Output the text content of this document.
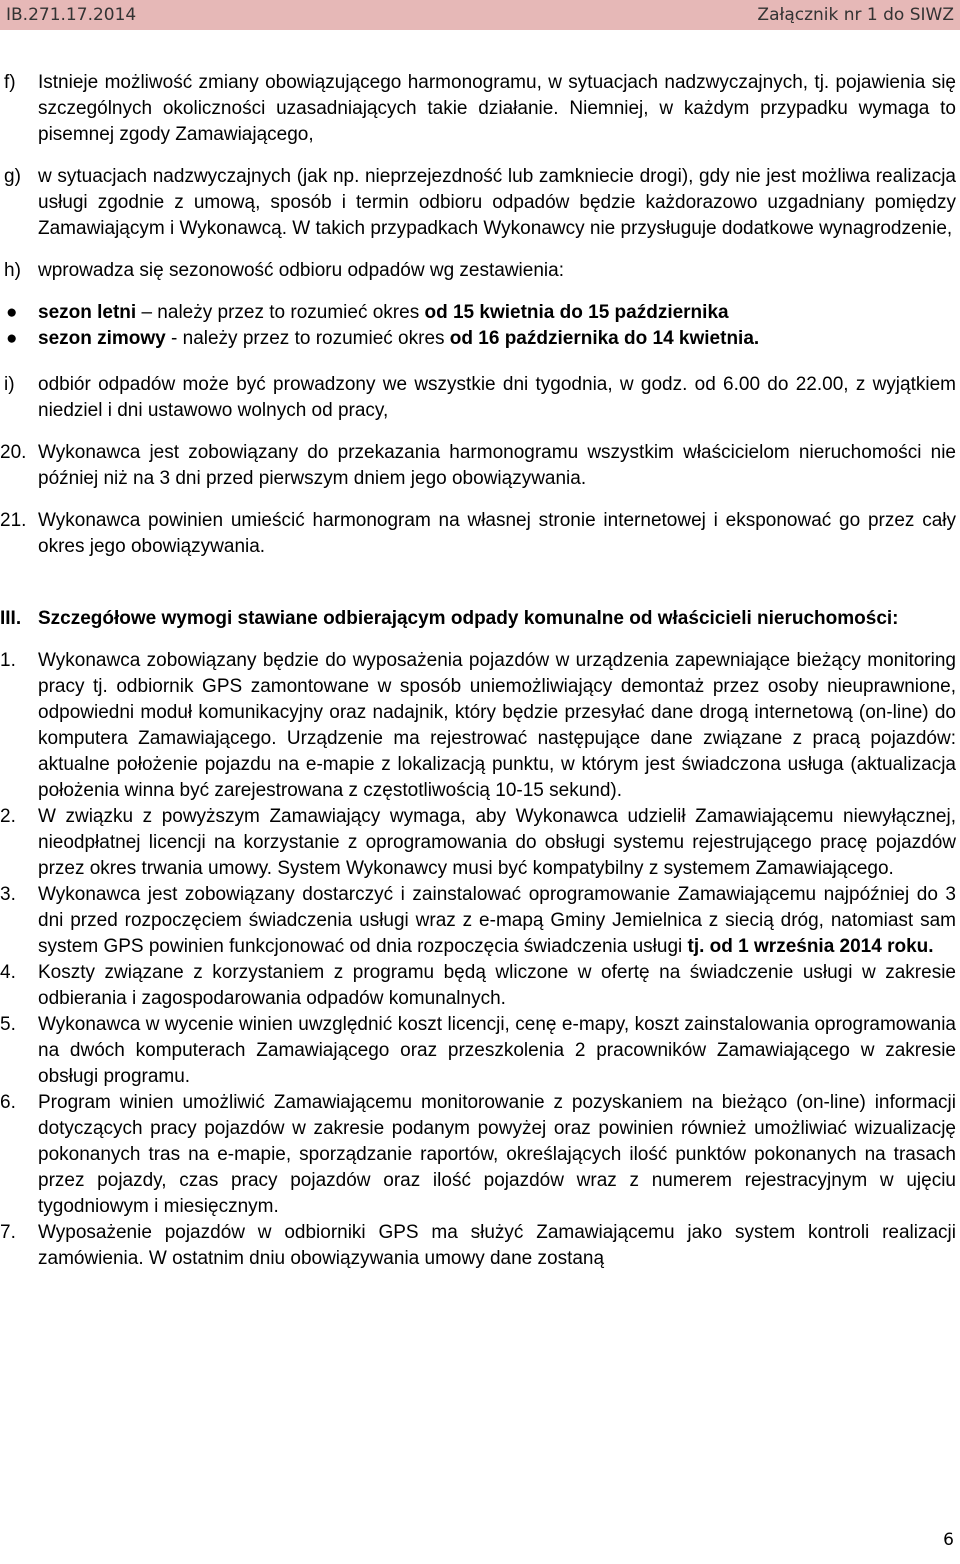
IB.271.17.2014	Załącznik nr 1 do SIWZ
f) Istnieje możliwość zmiany obowiązującego harmonogramu, w sytuacjach nadzwyczajnych, tj. pojawienia się szczególnych okoliczności uzasadniających takie działanie. Niemniej, w każdym przypadku wymaga to pisemnej zgody Zamawiającego,

g) w sytuacjach nadzwyczajnych (jak np. nieprzejezdność lub zamkniecie drogi), gdy nie jest możliwa realizacja usługi zgodnie z umową, sposób i termin odbioru odpadów będzie każdorazowo uzgadniany pomiędzy Zamawiającym i Wykonawcą. W takich przypadkach Wykonawcy nie przysługuje dodatkowe wynagrodzenie,

h) wprowadza się sezonowość odbioru odpadów wg zestawienia:

● sezon letni – należy przez to rozumieć okres od 15 kwietnia do 15 października

● sezon zimowy - należy przez to rozumieć okres od 16 października do 14 kwietnia.

i) odbiór odpadów może być prowadzony we wszystkie dni tygodnia, w godz. od 6.00 do 22.00, z wyjątkiem niedziel i dni ustawowo wolnych od pracy,

20. Wykonawca jest zobowiązany do przekazania harmonogramu wszystkim właścicielom nieruchomości nie później niż na 3 dni przed pierwszym dniem jego obowiązywania.

21. Wykonawca powinien umieścić harmonogram na własnej stronie internetowej i eksponować go przez cały okres jego obowiązywania.

III. Szczegółowe wymogi stawiane odbierającym odpady komunalne od właścicieli nieruchomości:

1. Wykonawca zobowiązany będzie do wyposażenia pojazdów w urządzenia zapewniające bieżący monitoring pracy tj. odbiornik GPS zamontowane w sposób uniemożliwiający demontaż przez osoby nieuprawnione, odpowiedni moduł komunikacyjny oraz nadajnik, który będzie przesyłać dane drogą internetową (on-line) do komputera Zamawiającego. Urządzenie ma rejestrować następujące dane związane z pracą pojazdów: aktualne położenie pojazdu na e-mapie z lokalizacją punktu, w którym jest świadczona usługa (aktualizacja położenia winna być zarejestrowana z częstotliwością 10-15 sekund).

2. W związku z powyższym Zamawiający wymaga, aby Wykonawca udzielił Zamawiającemu niewyłącznej, nieodpłatnej licencji na korzystanie z oprogramowania do obsługi systemu rejestrującego pracę pojazdów przez okres trwania umowy. System Wykonawcy musi być kompatybilny z systemem Zamawiającego.

3. Wykonawca jest zobowiązany dostarczyć i zainstalować oprogramowanie Zamawiającemu najpóźniej do 3 dni przed rozpoczęciem świadczenia usługi wraz z e-mapą Gminy Jemielnica z siecią dróg, natomiast sam system GPS powinien funkcjonować od dnia rozpoczęcia świadczenia usługi tj. od 1 września 2014 roku.

4. Koszty związane z korzystaniem z programu będą wliczone w ofertę na świadczenie usługi w zakresie odbierania i zagospodarowania odpadów komunalnych.

5. Wykonawca w wycenie winien uwzględnić koszt licencji, cenę e-mapy, koszt zainstalowania oprogramowania na dwóch komputerach Zamawiającego oraz przeszkolenia 2 pracowników Zamawiającego w zakresie obsługi programu.

6. Program winien umożliwić Zamawiającemu monitorowanie z pozyskaniem na bieżąco (on-line) informacji dotyczących pracy pojazdów w zakresie podanym powyżej oraz powinien również umożliwiać wizualizację pokonanych tras na e-mapie, sporządzanie raportów, określających ilość punktów pokonanych na trasach przez pojazdy, czas pracy pojazdów oraz ilość pojazdów wraz z numerem rejestracyjnym w ujęciu tygodniowym i miesięcznym.

7. Wyposażenie pojazdów w odbiorniki GPS ma służyć Zamawiającemu jako system kontroli realizacji zamówienia. W ostatnim dniu obowiązywania umowy dane zostaną

6
